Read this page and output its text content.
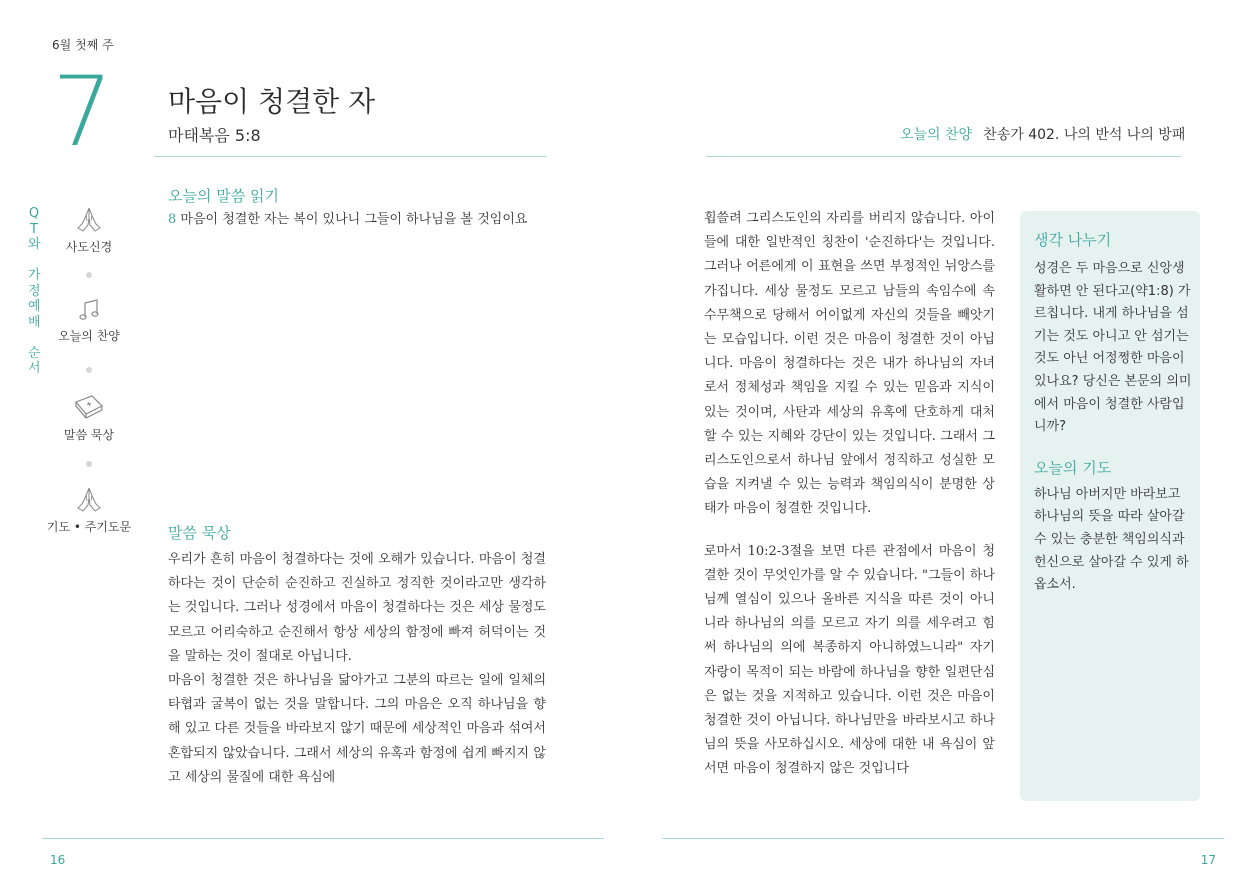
6월 첫째 주
7 마음이 청결한 자
마태복음 5:8	오늘의 찬양 찬송가 402. 나의 반석 나의 방패
QT와

가정예배

순서
사도신경
오늘의 찬양
말씀 묵상
기도 • 주기도문
오늘의 말씀 읽기
8 마음이 청결한 자는 복이 있나니 그들이 하나님을 볼 것임이요
말씀 묵상
우리가 흔히 마음이 청결하다는 것에 오해가 있습니다. 마음이 청결하다는 것이 단순히 순진하고 진실하고 정직한 것이라고만 생각하는 것입니다. 그러나 성경에서 마음이 청결하다는 것은 세상 물정도 모르고 어리숙하고 순진해서 항상 세상의 함정에 빠져 허덕이는 것을 말하는 것이 절대로 아닙니다.
마음이 청결한 것은 하나님을 닮아가고 그분의 따르는 일에 일체의 타협과 굴복이 없는 것을 말합니다. 그의 마음은 오직 하나님을 향해 있고 다른 것들을 바라보지 않기 때문에 세상적인 마음과 섞여서 혼합되지 않았습니다. 그래서 세상의 유혹과 함정에 쉽게 빠지지 않고 세상의 물질에 대한 욕심에
휩쓸려 그리스도인의 자리를 버리지 않습니다. 아이들에 대한 일반적인 칭찬이 '순진하다'는 것입니다. 그러나 어른에게 이 표현을 쓰면 부정적인 뉘앙스를 가집니다. 세상 물정도 모르고 남들의 속임수에 속수무책으로 당해서 어이없게 자신의 것들을 빼앗기는 모습입니다. 이런 것은 마음이 청결한 것이 아닙니다. 마음이 청결하다는 것은 내가 하나님의 자녀로서 정체성과 책임을 지킬 수 있는 믿음과 지식이 있는 것이며, 사탄과 세상의 유혹에 단호하게 대처할 수 있는 지혜와 강단이 있는 것입니다. 그래서 그리스도인으로서 하나님 앞에서 정직하고 성실한 모습을 지켜낼 수 있는 능력과 책임의식이 분명한 상태가 마음이 청결한 것입니다.
로마서 10:2-3절을 보면 다른 관점에서 마음이 청결한 것이 무엇인가를 알 수 있습니다. "그들이 하나님께 열심이 있으나 올바른 지식을 따른 것이 아니니라 하나님의 의를 모르고 자기 의를 세우려고 힘써 하나님의 의에 복종하지 아니하였느니라" 자기 자랑이 목적이 되는 바람에 하나님을 향한 일편단심은 없는 것을 지적하고 있습니다. 이런 것은 마음이 청결한 것이 아닙니다. 하나님만을 바라보시고 하나님의 뜻을 사모하십시오. 세상에 대한 내 욕심이 앞서면 마음이 청결하지 않은 것입니다
생각 나누기
성경은 두 마음으로 신앙생활하면 안 된다고(약1:8) 가르칩니다. 내게 하나님을 섬기는 것도 아니고 안 섬기는 것도 아닌 어정쩡한 마음이 있나요? 당신은 본문의 의미에서 마음이 청결한 사람입니까?
오늘의 기도
하나님 아버지만 바라보고 하나님의 뜻을 따라 살아갈 수 있는 충분한 책임의식과 헌신으로 살아갈 수 있게 하옵소서.
16	17
